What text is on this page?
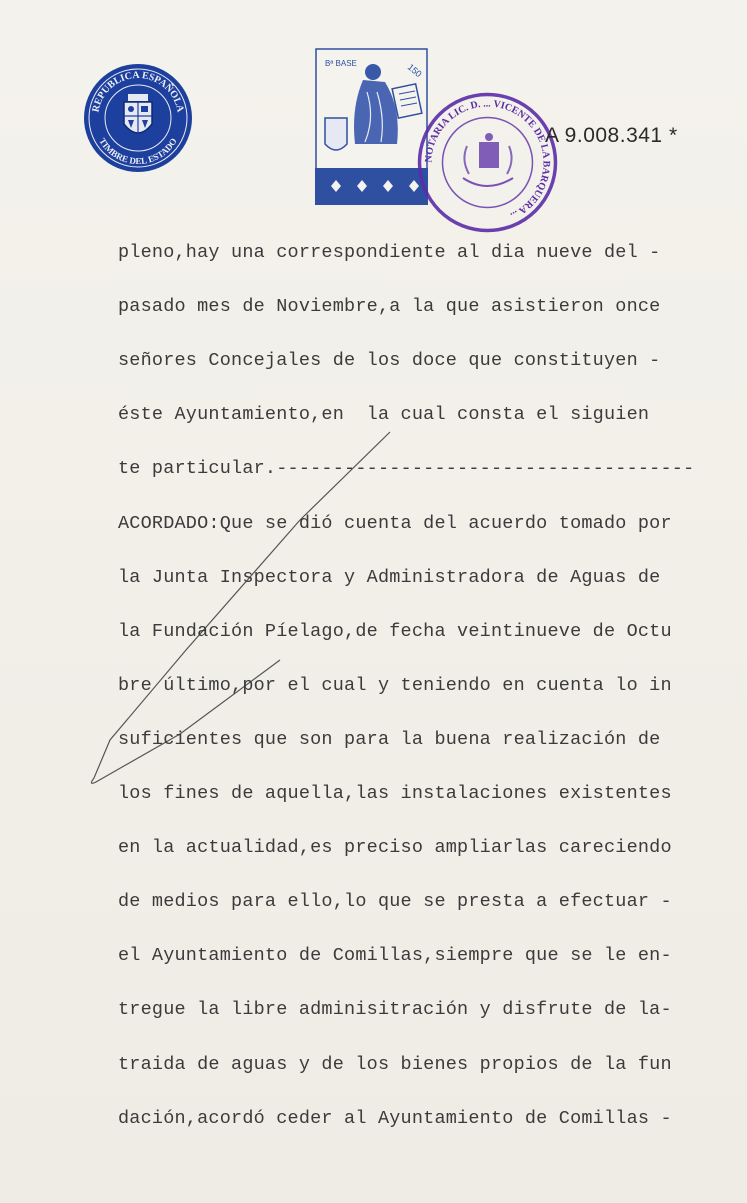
REPUBLICA ESPAÑOLA
TIMBRE DEL ESTADO
Bª BASE	150
NOTARIA LIC. D. ... VICENTE DE LA BARQUERA ...
A 9.008.341 *
pleno,hay una correspondiente al dia nueve del -
pasado mes de Noviembre,a la que asistieron once
señores Concejales de los doce que constituyen -
éste Ayuntamiento,en  la cual consta el siguien
te particular.-------------------------------------
ACORDADO:Que se dió cuenta del acuerdo tomado por
la Junta Inspectora y Administradora de Aguas de
la Fundación Píelago,de fecha veintinueve de Octu
bre último,por el cual y teniendo en cuenta lo in
suficientes que son para la buena realización de
los fines de aquella,las instalaciones existentes
en la actualidad,es preciso ampliarlas careciendo
de medios para ello,lo que se presta a efectuar -
el Ayuntamiento de Comillas,siempre que se le en-
tregue la libre adminisitración y disfrute de la-
traida de aguas y de los bienes propios de la fun
dación,acordó ceder al Ayuntamiento de Comillas -
